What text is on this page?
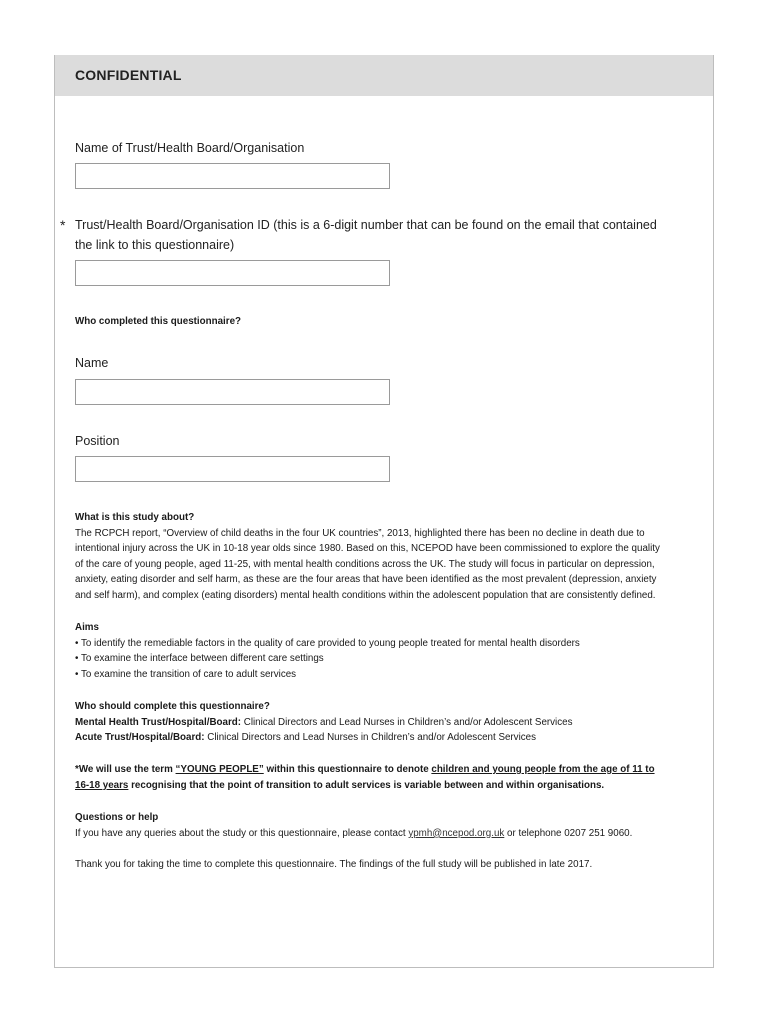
CONFIDENTIAL
Name of Trust/Health Board/Organisation
* Trust/Health Board/Organisation ID (this is a 6-digit number that can be found on the email that contained
the link to this questionnaire)
Who completed this questionnaire?
Name
Position

What is this study about?

The RCPCH report, “Overview of child deaths in the four UK countries”, 2013, highlighted there has been no decline in death due to

intentional injury across the UK in 10-18 year olds since 1980. Based on this, NCEPOD have been commissioned to explore the quality

of the care of young people, aged 11-25, with mental health conditions across the UK. The study will focus in particular on depression,

anxiety, eating disorder and self harm, as these are the four areas that have been identified as the most prevalent (depression, anxiety

and self harm), and complex (eating disorders) mental health conditions within the adolescent population that are consistently defined.

Aims

• To identify the remediable factors in the quality of care provided to young people treated for mental health disorders

• To examine the interface between different care settings

• To examine the transition of care to adult services

Who should complete this questionnaire?

Mental Health Trust/Hospital/Board: Clinical Directors and Lead Nurses in Children’s and/or Adolescent Services

Acute Trust/Hospital/Board: Clinical Directors and Lead Nurses in Children’s and/or Adolescent Services

*We will use the term “YOUNG PEOPLE” within this questionnaire to denote children and young people from the age of 11 to

16-18 years recognising that the point of transition to adult services is variable between and within organisations.

Questions or help

If you have any queries about the study or this questionnaire, please contact ypmh@ncepod.org.uk or telephone 0207 251 9060.

Thank you for taking the time to complete this questionnaire. The findings of the full study will be published in late 2017.
